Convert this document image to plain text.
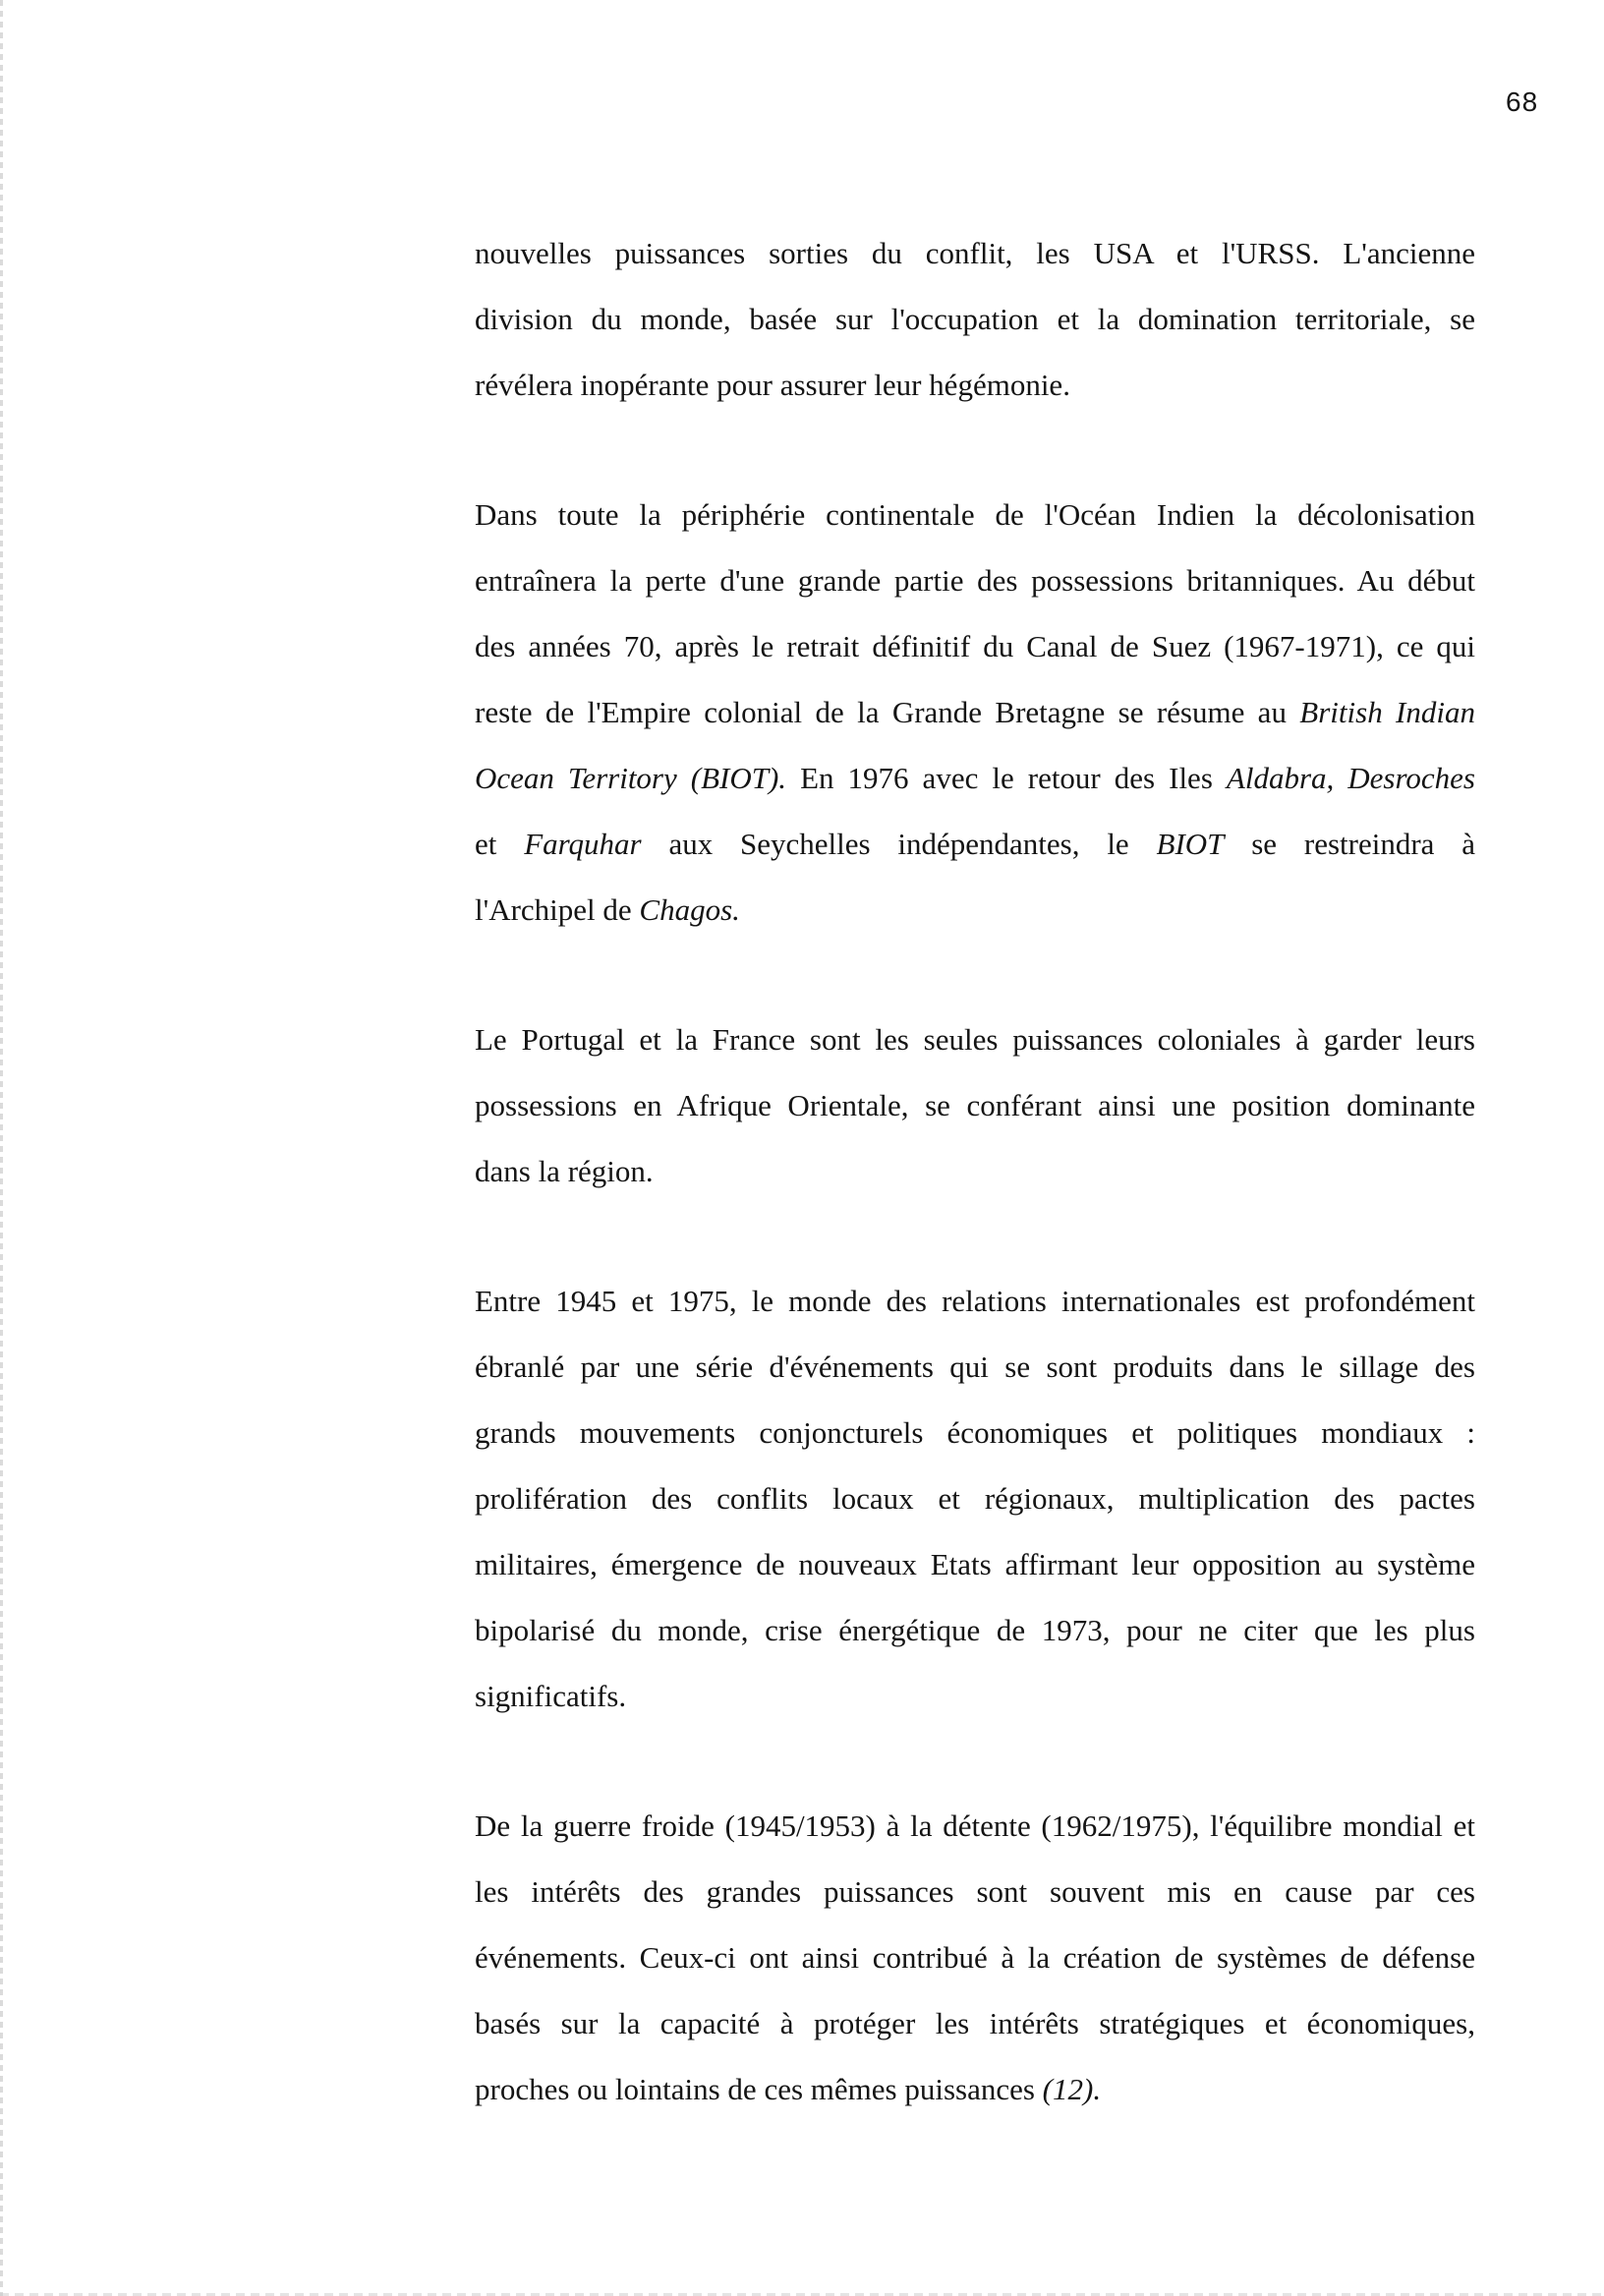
68
nouvelles puissances sorties du conflit, les USA et l'URSS. L'ancienne
division du monde, basée sur l'occupation et la domination territoriale, se
révélera inopérante pour assurer leur hégémonie.
Dans toute la périphérie continentale de l'Océan Indien la décolonisation
entraînera la perte d'une grande partie des possessions britanniques. Au début
des années 70, après le retrait définitif du Canal de Suez (1967-1971), ce qui
reste de l'Empire colonial de la Grande Bretagne se résume au British Indian
Ocean Territory (BIOT). En 1976 avec le retour des Iles Aldabra, Desroches
et Farquhar aux Seychelles indépendantes, le BIOT se restreindra à
l'Archipel de Chagos.
Le Portugal et la France sont les seules puissances coloniales à garder leurs
possessions en Afrique Orientale, se conférant ainsi une position dominante
dans la région.
Entre 1945 et 1975, le monde des relations internationales est profondément
ébranlé par une série d'événements qui se sont produits dans le sillage des
grands mouvements conjoncturels économiques et politiques mondiaux :
prolifération des conflits locaux et régionaux, multiplication des pactes
militaires, émergence de nouveaux Etats affirmant leur opposition au système
bipolarisé du monde, crise énergétique de 1973, pour ne citer que les plus
significatifs.
De la guerre froide (1945/1953) à la détente (1962/1975), l'équilibre mondial et
les intérêts des grandes puissances sont souvent mis en cause par ces
événements. Ceux-ci ont ainsi contribué à la création de systèmes de défense
basés sur la capacité à protéger les intérêts stratégiques et économiques,
proches ou lointains de ces mêmes puissances (12).
